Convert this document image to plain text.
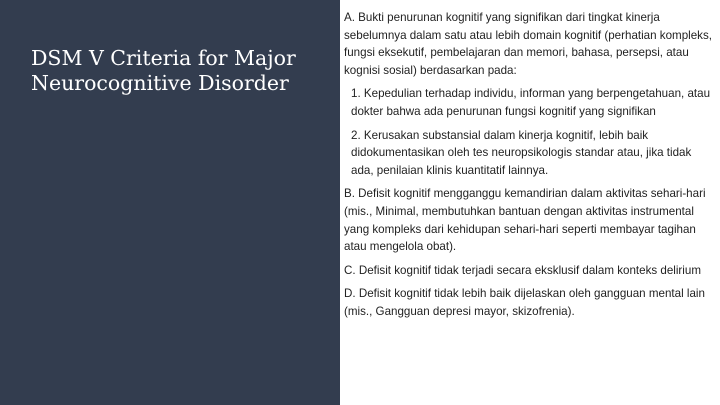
DSM V Criteria for Major Neurocognitive Disorder

A. Bukti penurunan kognitif yang signifikan dari tingkat kinerja sebelumnya dalam satu atau lebih domain kognitif (perhatian kompleks, fungsi eksekutif, pembelajaran dan memori, bahasa, persepsi, atau kognisi sosial) berdasarkan pada:

1. Kepedulian terhadap individu, informan yang berpengetahuan, atau dokter bahwa ada penurunan fungsi kognitif yang signifikan

2. Kerusakan substansial dalam kinerja kognitif, lebih baik didokumentasikan oleh tes neuropsikologis standar atau, jika tidak ada, penilaian klinis kuantitatif lainnya.

B. Defisit kognitif mengganggu kemandirian dalam aktivitas sehari-hari (mis., Minimal, membutuhkan bantuan dengan aktivitas instrumental yang kompleks dari kehidupan sehari-hari seperti membayar tagihan atau mengelola obat).

C. Defisit kognitif tidak terjadi secara eksklusif dalam konteks delirium

D. Defisit kognitif tidak lebih baik dijelaskan oleh gangguan mental lain (mis., Gangguan depresi mayor, skizofrenia).
